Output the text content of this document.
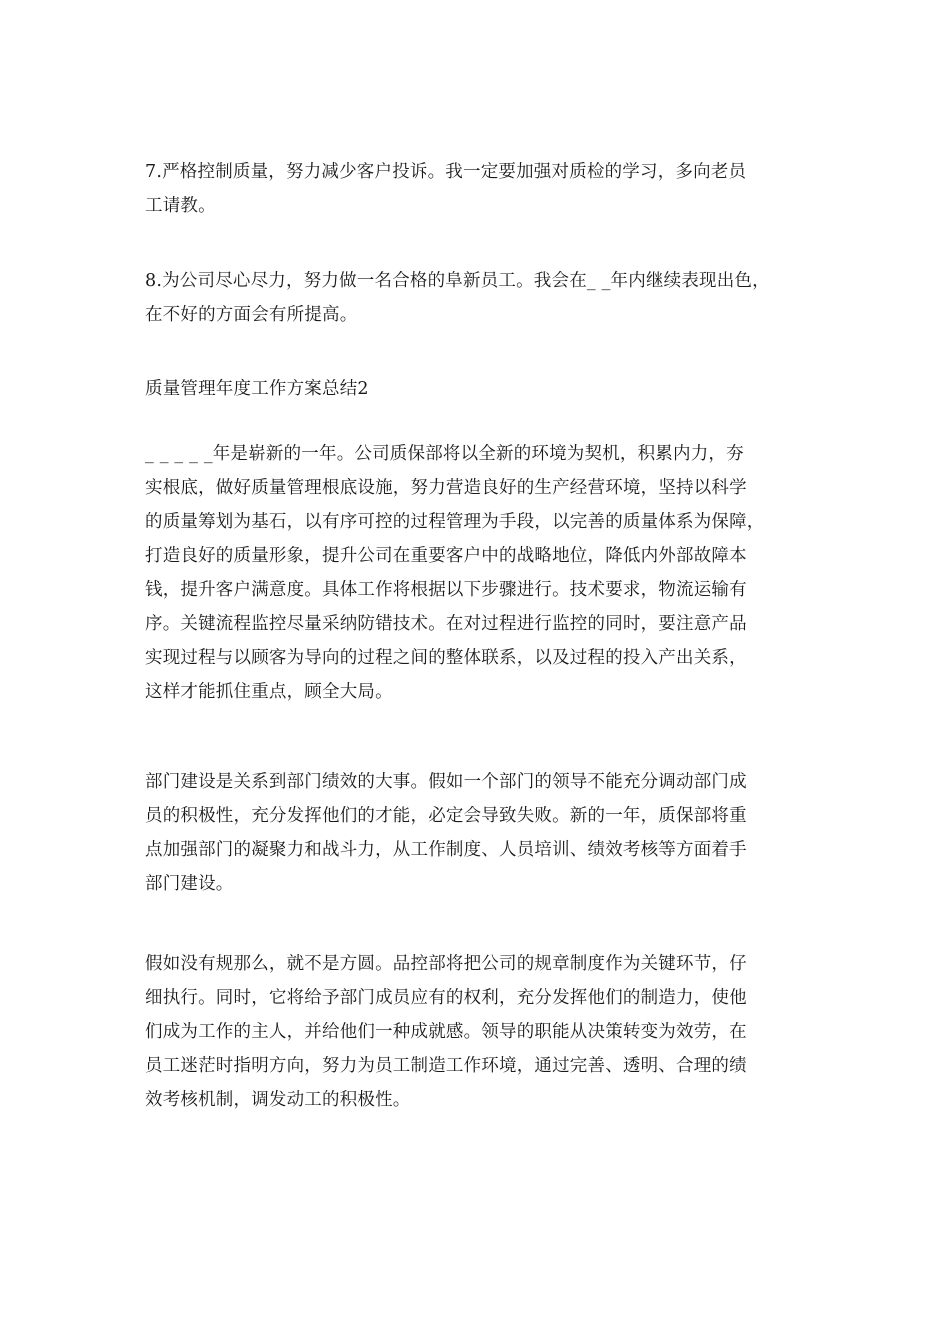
7.严格控制质量，努力减少客户投诉。我一定要加强对质检的学习，多向老员
工请教。
8.为公司尽心尽力，努力做一名合格的阜新员工。我会在_ _年内继续表现出色，
在不好的方面会有所提高。
质量管理年度工作方案总结2
_ _ _ _ _年是崭新的一年。公司质保部将以全新的环境为契机，积累内力，夯
实根底，做好质量管理根底设施，努力营造良好的生产经营环境，坚持以科学
的质量筹划为基石，以有序可控的过程管理为手段，以完善的质量体系为保障，
打造良好的质量形象，提升公司在重要客户中的战略地位，降低内外部故障本
钱，提升客户满意度。具体工作将根据以下步骤进行。技术要求，物流运输有
序。关键流程监控尽量采纳防错技术。在对过程进行监控的同时，要注意产品
实现过程与以顾客为导向的过程之间的整体联系，以及过程的投入产出关系，
这样才能抓住重点，顾全大局。
部门建设是关系到部门绩效的大事。假如一个部门的领导不能充分调动部门成
员的积极性，充分发挥他们的才能，必定会导致失败。新的一年，质保部将重
点加强部门的凝聚力和战斗力，从工作制度、人员培训、绩效考核等方面着手
部门建设。
假如没有规那么，就不是方圆。品控部将把公司的规章制度作为关键环节，仔
细执行。同时，它将给予部门成员应有的权利，充分发挥他们的制造力，使他
们成为工作的主人，并给他们一种成就感。领导的职能从决策转变为效劳，在
员工迷茫时指明方向，努力为员工制造工作环境，通过完善、透明、合理的绩
效考核机制，调发动工的积极性。
